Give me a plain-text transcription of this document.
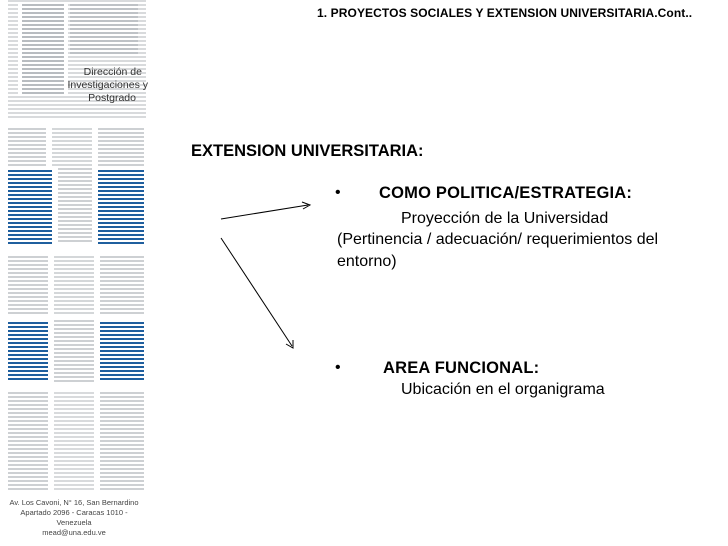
Dirección de
Investigaciones y
Postgrado
Av. Los Cavoni, N° 16, San Bernardino
Apartado 2096 - Caracas 1010 - Venezuela
mead@una.edu.ve
1. PROYECTOS SOCIALES Y EXTENSION UNIVERSITARIA.Cont..
EXTENSION UNIVERSITARIA:
• COMO POLITICA/ESTRATEGIA:
Proyección de la Universidad
(Pertinencia / adecuación/ requerimientos del
entorno)
•	AREA FUNCIONAL:
Ubicación en el organigrama
